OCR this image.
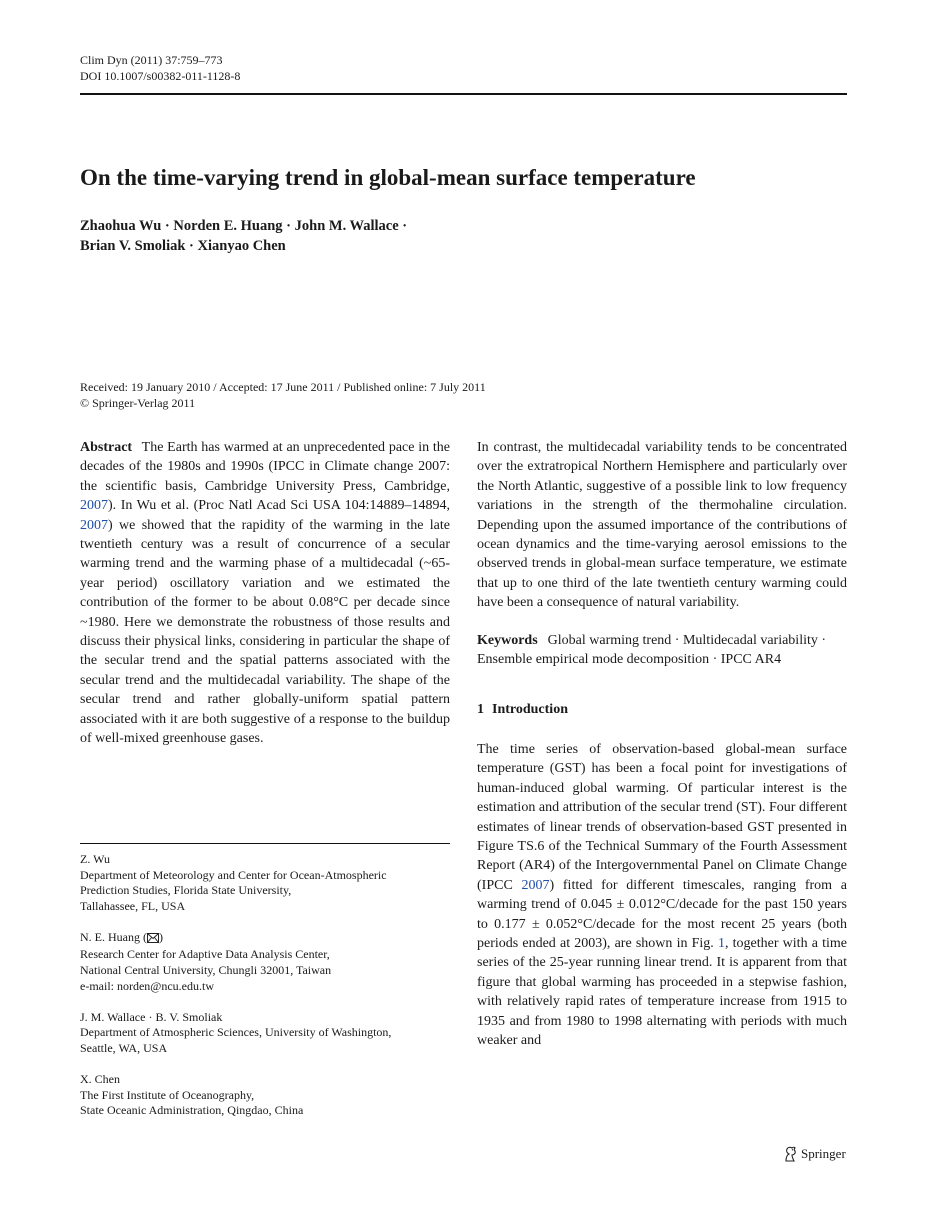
Clim Dyn (2011) 37:759–773
DOI 10.1007/s00382-011-1128-8
On the time-varying trend in global-mean surface temperature
Zhaohua Wu · Norden E. Huang · John M. Wallace ·
Brian V. Smoliak · Xianyao Chen
Received: 19 January 2010 / Accepted: 17 June 2011 / Published online: 7 July 2011
© Springer-Verlag 2011

Abstract The Earth has warmed at an unprecedented pace in the decades of the 1980s and 1990s (IPCC in Climate change 2007: the scientific basis, Cambridge University Press, Cambridge, 2007). In Wu et al. (Proc Natl Acad Sci USA 104:14889–14894, 2007) we showed that the rapidity of the warming in the late twentieth century was a result of concurrence of a secular warming trend and the warming phase of a multidecadal (~65-year period) oscillatory variation and we estimated the contribution of the former to be about 0.08°C per decade since ~1980. Here we demonstrate the robustness of those results and discuss their physical links, considering in particular the shape of the secular trend and the spatial patterns associated with the secular trend and the multidecadal variability. The shape of the secular trend and rather globally-uniform spatial pattern associated with it are both suggestive of a response to the buildup of well-mixed greenhouse gases.

In contrast, the multidecadal variability tends to be concentrated over the extratropical Northern Hemisphere and particularly over the North Atlantic, suggestive of a possible link to low frequency variations in the strength of the thermohaline circulation. Depending upon the assumed importance of the contributions of ocean dynamics and the time-varying aerosol emissions to the observed trends in global-mean surface temperature, we estimate that up to one third of the late twentieth century warming could have been a consequence of natural variability.

Keywords Global warming trend · Multidecadal variability · Ensemble empirical mode decomposition · IPCC AR4

1 Introduction

The time series of observation-based global-mean surface temperature (GST) has been a focal point for investigations of human-induced global warming. Of particular interest is the estimation and attribution of the secular trend (ST). Four different estimates of linear trends of observation-based GST presented in Figure TS.6 of the Technical Summary of the Fourth Assessment Report (AR4) of the Intergovernmental Panel on Climate Change (IPCC 2007) fitted for different timescales, ranging from a warming trend of 0.045 ± 0.012°C/decade for the past 150 years to 0.177 ± 0.052°C/decade for the most recent 25 years (both periods ended at 2003), are shown in Fig. 1, together with a time series of the 25-year running linear trend. It is apparent from that figure that global warming has proceeded in a stepwise fashion, with relatively rapid rates of temperature increase from 1915 to 1935 and from 1980 to 1998 alternating with periods with much weaker and

Z. Wu
Department of Meteorology and Center for Ocean-Atmospheric
Prediction Studies, Florida State University,
Tallahassee, FL, USA
N. E. Huang ( )
Research Center for Adaptive Data Analysis Center,
National Central University, Chungli 32001, Taiwan
e-mail: norden@ncu.edu.tw
J. M. Wallace · B. V. Smoliak
Department of Atmospheric Sciences, University of Washington,
Seattle, WA, USA
X. Chen
The First Institute of Oceanography,
State Oceanic Administration, Qingdao, China
Springer
